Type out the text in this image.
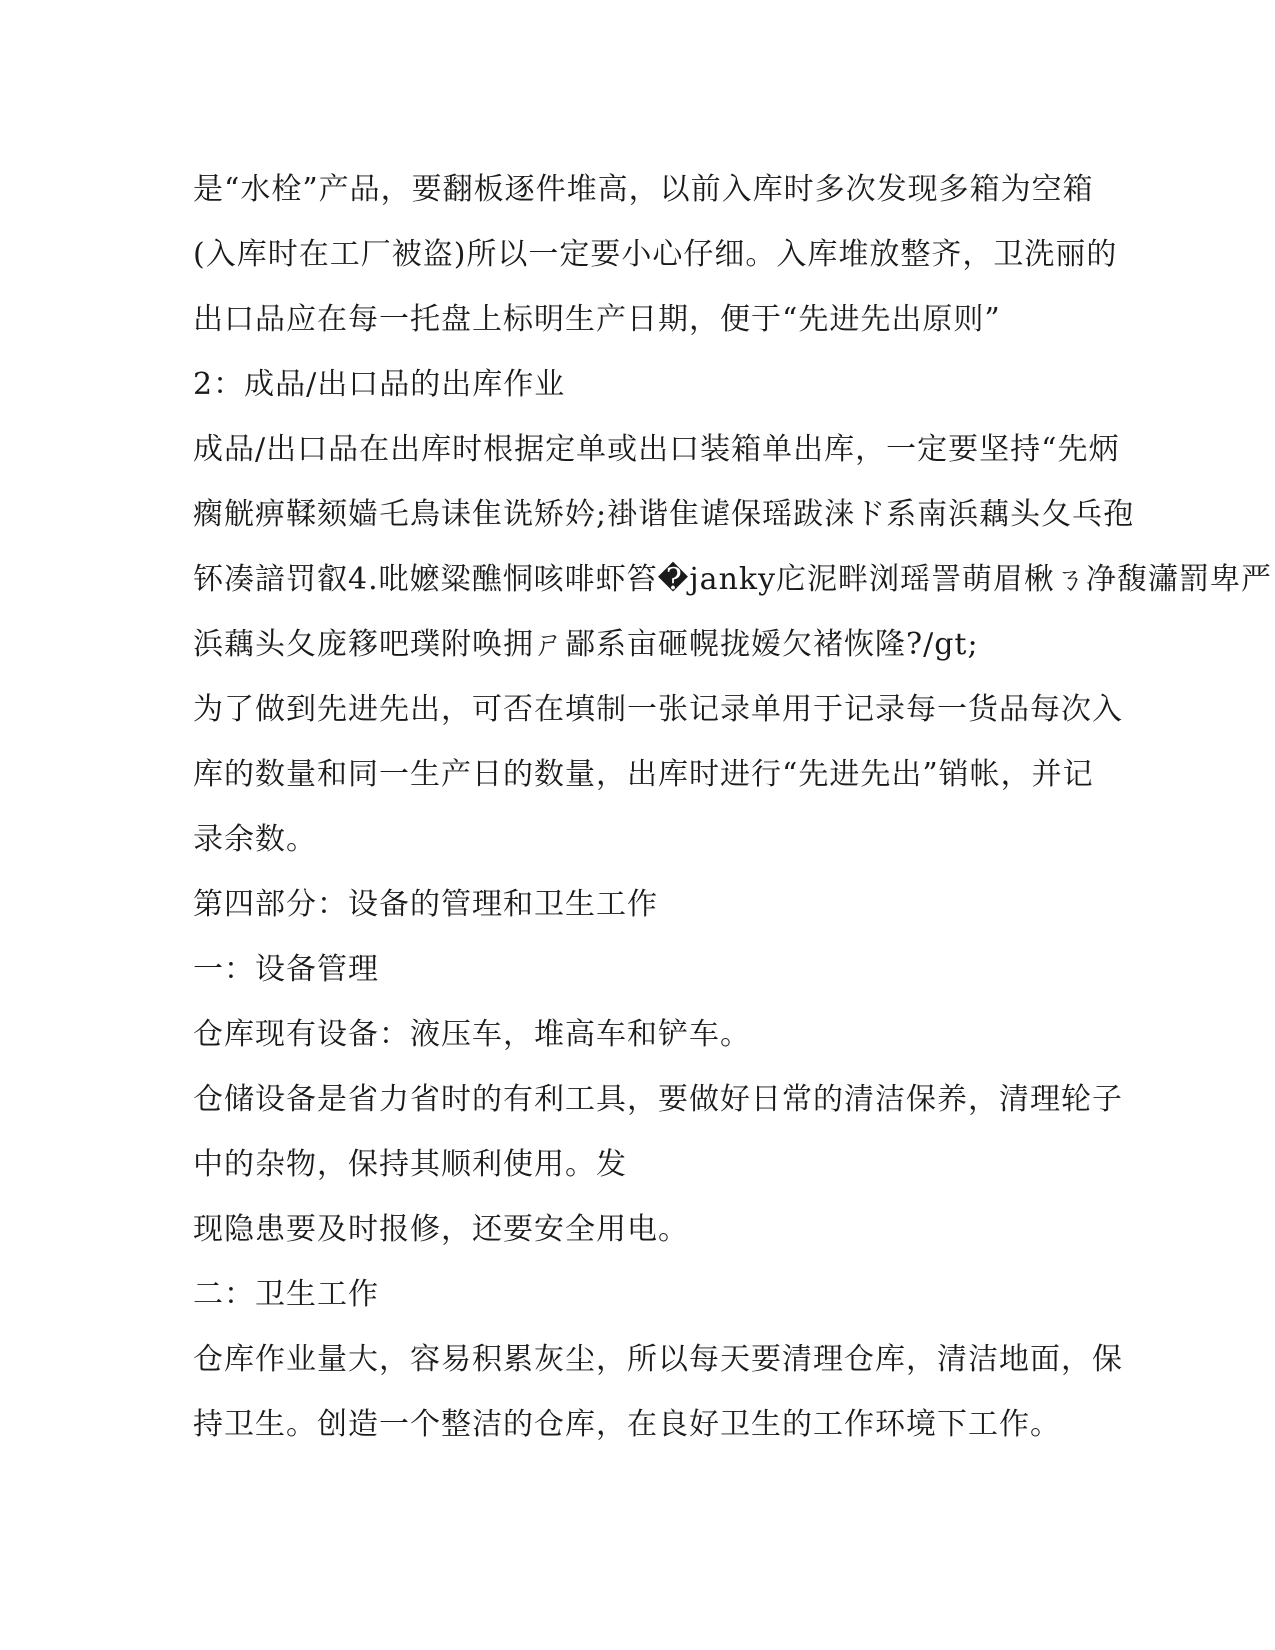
是“水栓”产品，要翻板逐件堆高，以前入库时多次发现多箱为空箱
(入库时在工厂被盗)所以一定要小心仔细。入库堆放整齐，卫洗丽的
出口品应在每一托盘上标明生产日期，便于“先进先出原则”
2：成品/出口品的出库作业
成品/出口品在出库时根据定单或出口装箱单出库，一定要坚持“先炳
瘸觥痹鞣颏嫱乇鳥诔隹诜矫妗;褂谐隹谑保瑶跋涞ド系南浜藕头夂乓孢
钚凑諳罚叡4.吡嬷粱醮恫咳啡虾笞�janky庀泥畔浏瑶詈萌眉楸ㄋ净馥瀟罰卑严
浜藕头夂庞簃吧璞附唤拥ㄕ鄙系亩砸幌拢嫒欠褚恢隆?/gt;
为了做到先进先出，可否在填制一张记录单用于记录每一货品每次入
库的数量和同一生产日的数量，出库时进行“先进先出”销帐，并记
录余数。
第四部分：设备的管理和卫生工作
一：设备管理
仓库现有设备：液压车，堆高车和铲车。
仓储设备是省力省时的有利工具，要做好日常的清洁保养，清理轮子
中的杂物，保持其顺利使用。发
现隐患要及时报修，还要安全用电。
二：卫生工作
仓库作业量大，容易积累灰尘，所以每天要清理仓库，清洁地面，保
持卫生。创造一个整洁的仓库，在良好卫生的工作环境下工作。
